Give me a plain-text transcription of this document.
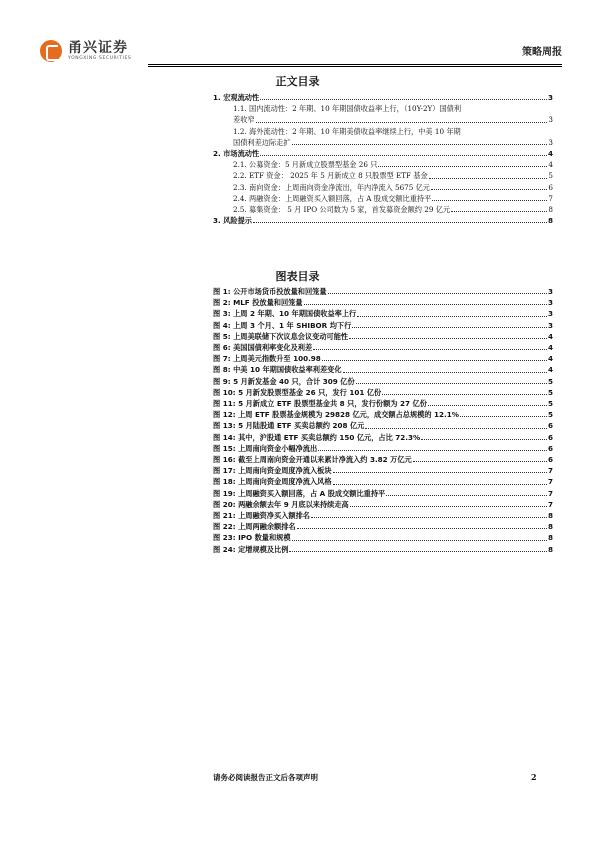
甬兴证券
YONGXING SECURITIES	策略周报
正文目录
1. 宏观流动性	3
1.1. 国内流动性：2 年期、10 年期国债收益率上行，（10Y-2Y）国债利
差收窄	3
1.2. 海外流动性：2 年期、10 年期美债收益率继续上行，中美 10 年期
国债利差边际走扩	3
2. 市场流动性	4
2.1. 公募资金：5 月新成立股票型基金 26 只	4
2.2. ETF 资金： 2025 年 5 月新成立 8 只股票型 ETF 基金	5
2.3. 南向资金：上周南向资金净流出，年内净流入 5675 亿元	6
2.4. 两融资金：上周融资买入额回落，占 A 股成交额比重持平	7
2.5. 募集资金： 5 月 IPO 公司数为 5 家，首发募资金额约 29 亿元	8
3. 风险提示	8
图表目录
图 1: 公开市场货币投放量和回笼量	3
图 2: MLF 投放量和回笼量	3
图 3: 上周 2 年期、10 年期国债收益率上行	3
图 4: 上周 3 个月、1 年 SHIBOR 均下行	3
图 5: 上周美联储下次议息会议变动可能性	4
图 6: 美国国债利率变化及利差	4
图 7: 上周美元指数升至 100.98	4
图 8: 中美 10 年期国债收益率利差变化	4
图 9: 5 月新发基金 40 只，合计 309 亿份	5
图 10: 5 月新发股票型基金 26 只，发行 101 亿份	5
图 11: 5 月新成立 ETF 股票型基金共 8 只，发行份额为 27 亿份	5
图 12: 上周 ETF 股票基金规模为 29828 亿元，成交额占总规模的 12.1%	5
图 13: 5 月陆股通 ETF 买卖总额约 208 亿元	6
图 14: 其中，沪股通 ETF 买卖总额约 150 亿元，占比 72.3%	6
图 15: 上周南向资金小幅净流出	6
图 16: 截至上周南向资金开通以来累计净流入约 3.82 万亿元	6
图 17: 上周南向资金周度净流入板块	7
图 18: 上周南向资金周度净流入风格	7
图 19: 上周融资买入额回落，占 A 股成交额比重持平	7
图 20: 两融余额去年 9 月底以来持续走高	7
图 21: 上周融资净买入额排名	8
图 22: 上周两融余额排名	8
图 23: IPO 数量和规模	8
图 24: 定增规模及比例	8
请务必阅读报告正文后各项声明	2
